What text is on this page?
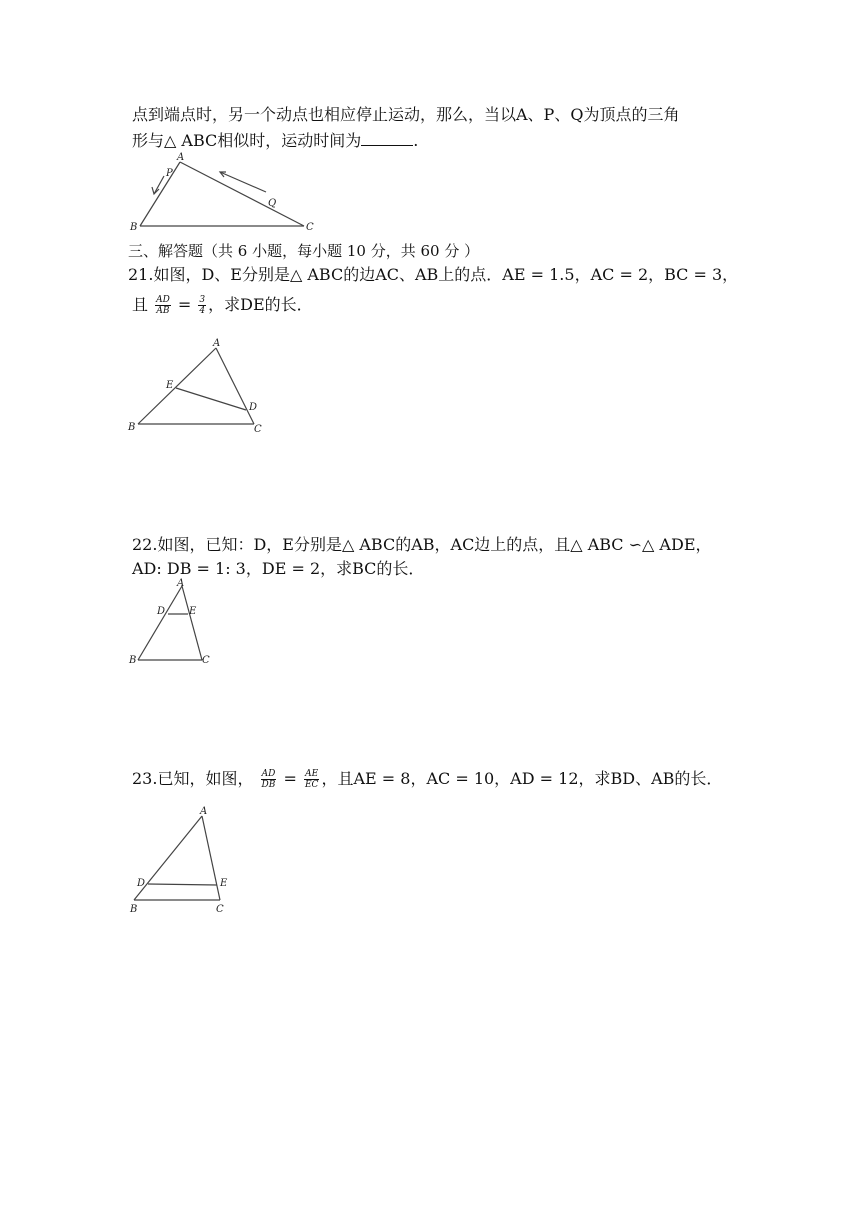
点到端点时，另一个动点也相应停止运动，那么，当以A、P、Q为顶点的三角
形与△ ABC相似时，运动时间为	.
A
P
Q
B	C
三、解答题（共 6 小题，每小题 10 分，共 60 分 ）
21.如图，D、E分别是△ ABC的边AC、AB上的点．AE = 1.5，AC = 2，BC = 3，
且 $\frac{AD}{AB} = \frac{3}{4}$ ，求DE的长．
A
E
D
B	C
22.如图，已知：D，E分别是△ ABC的AB，AC边上的点，且△ ABC ∽△ ADE，
AD: DB = 1: 3，DE = 2，求BC的长．
A
D E
B	C
23.已知，如图， $\frac{AD}{DB} = \frac{AE}{EC}$ ，且AE = 8，AC = 10，AD = 12，求BD、AB的长．
A
D	E
B	C
